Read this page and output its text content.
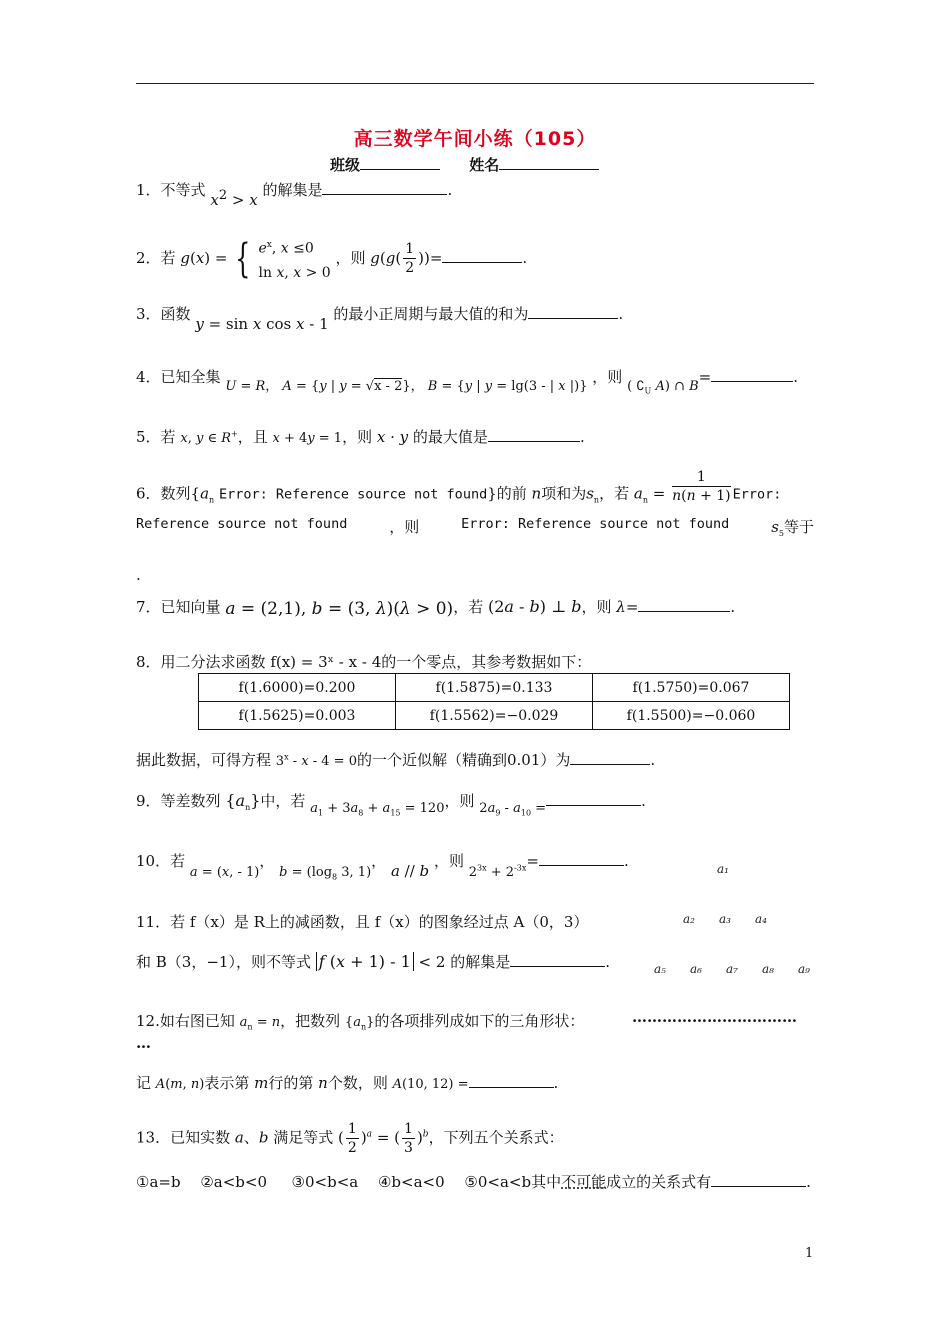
高三数学午间小练（105）
班级	姓名
1．不等式 $x^2 > x$ 的解集是	.
2．若 g(x) = { $e^x$, x ≤0
ln x, x > 0
，则 $g(g( \frac{1}{2}$ ))=	.
3．函数 y = sin x cos x - 1 的最小正周期与最大值的和为	.
4．已知全集 U = R， A = {y | y = √x - 2}， B = {y | y = lg(3 - | x |)} ，则 ( $∁_U$ A) ∩ B=	.
5．若 x, y ∈ R+，且 x + 4y = 1，则 x · y 的最大值是	.
6．数列{$a_n$ Error: Reference source not found}的前 n项和为$s_n$，若 $a_n = \frac{1}{n(n + 1)}$ Error:
Reference source not found	，则	Error: Reference source not found	$s_5$等于
.
7．已知向量 a = (2,1), b = (3, λ)(λ > 0)，若 (2a - b) ⊥ b，则 λ=	.
8．用二分法求函数 f(x) = 3ˣ - x - 4的一个零点，其参考数据如下：
f(1.6000)=0.200	f(1.5875)=0.133	f(1.5750)=0.067
f(1.5625)=0.003	f(1.5562)=−0.029	f(1.5500)=−0.060
据此数据，可得方程 3$^x$ - x - 4 = 0的一个近似解（精确到0.01）为	.
9．等差数列 $\{a_n\}$中，若 $a_1 + 3a_8 + a_{15} = 120$，则 $2a_9 - a_{10}$ =	.
10．若 a = (x, - 1)， $b = (\log_8$ 3, 1)， a // b ，则 $2^{3x} + 2^{-3x}=$	.
11．若 f（x）是 R上的减函数，且 f（x）的图象经过点 A（0，3）
和 B（3，−1），则不等式 f (x + 1) - 1 < 2 的解集是	.
a₁
a₂ a₃ a₄
a₅ a₆ a₇ a₈ a₉
12.如右图已知 $a_n = n$，把数列 $\{a_n\}$的各项排列成如下的三角形状：	……………………………
…
记 A(m, n)表示第 m行的第 n个数，则 A(10, 12) =	.
13．已知实数 a、b 满足等式 ( $\frac{1}{2} )^a$ = ( $\frac{1}{3} )^b$，下列五个关系式：
①a=b　 ②a<b<0 　 ③0<b<a 　④b<a<0　 ⑤0<a<b其中不可能成立的关系式有	.
1
